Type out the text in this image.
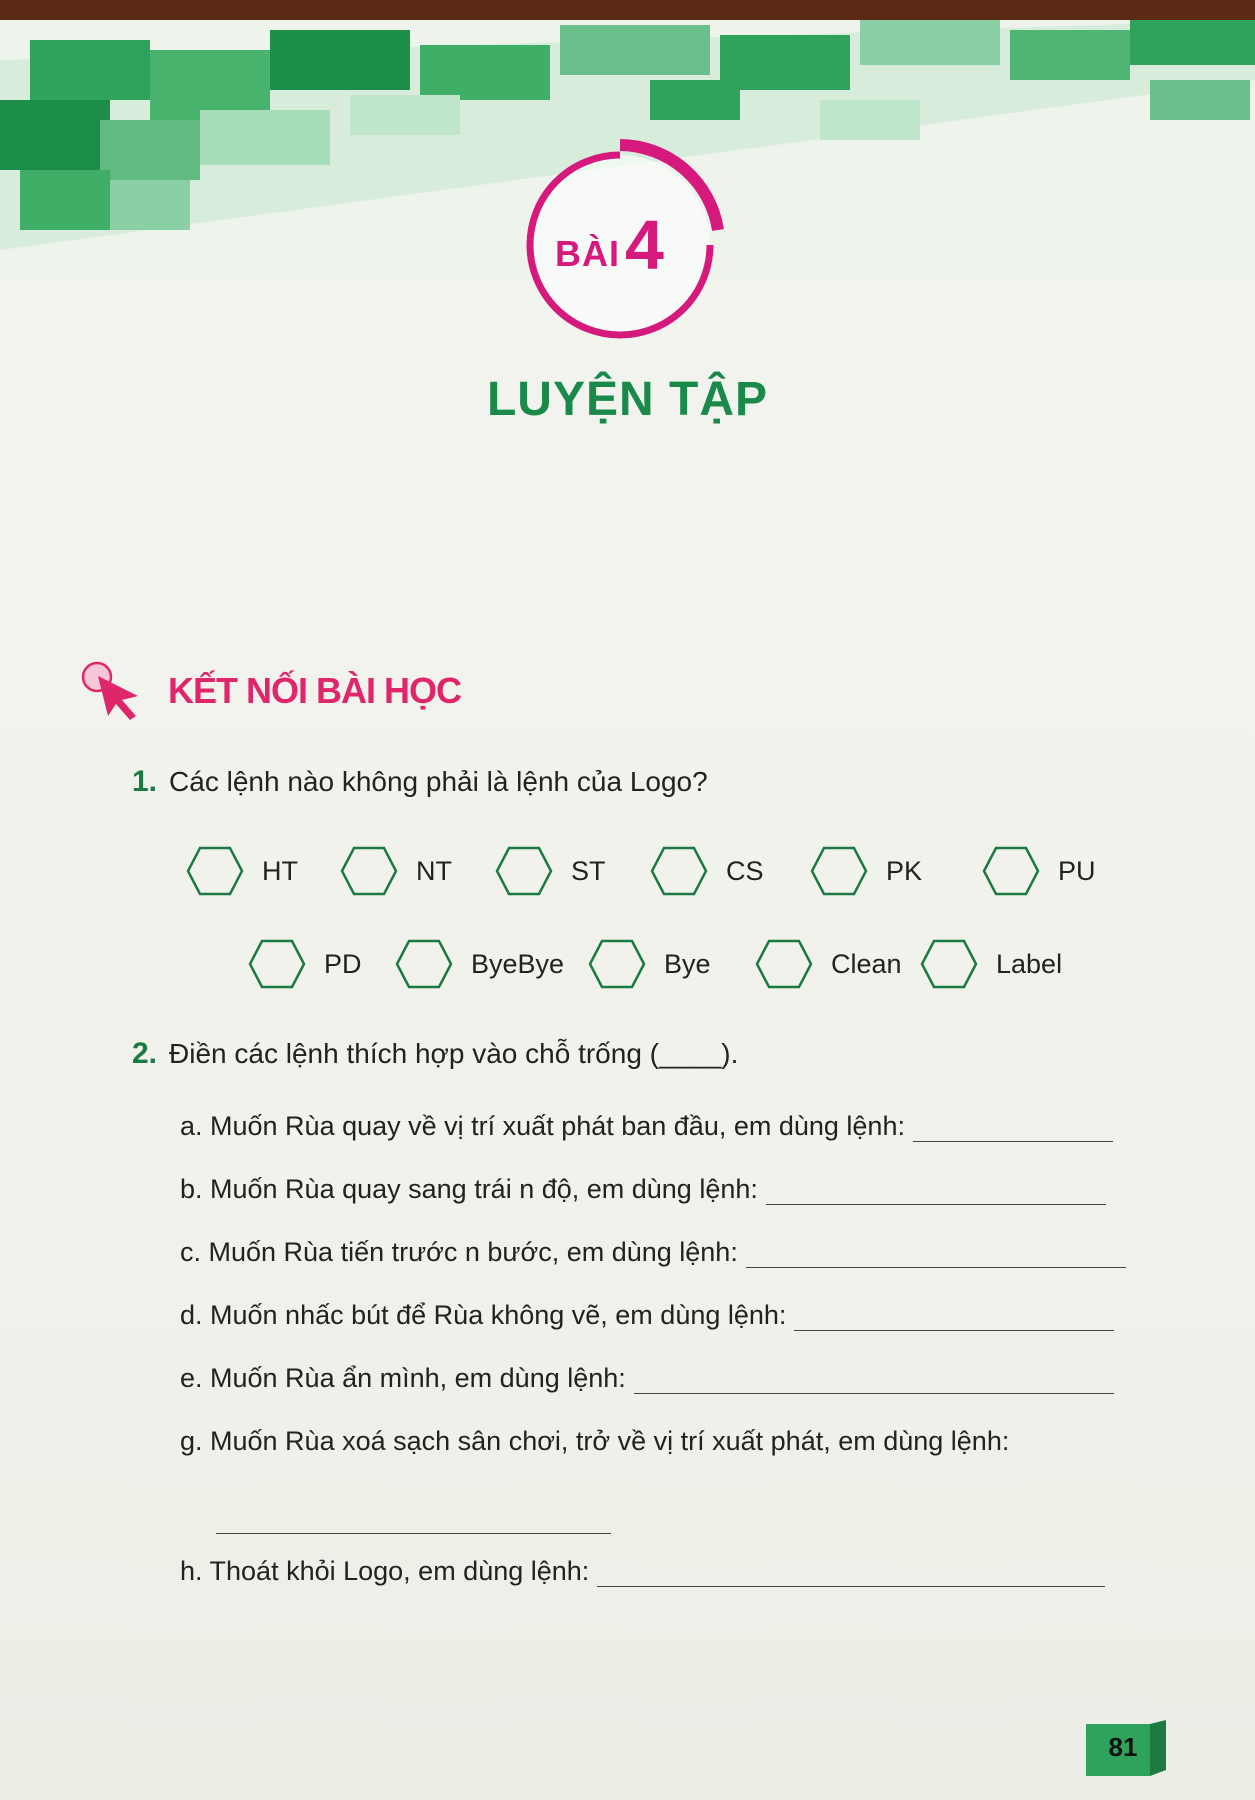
BÀI 4
LUYỆN TẬP
KẾT NỐI BÀI HỌC
1. Các lệnh nào không phải là lệnh của Logo?
HT	NT	ST	CS	PK	PU
PD	ByeBye	Bye	Clean	Label
2. Điền các lệnh thích hợp vào chỗ trống (____).
a. Muốn Rùa quay về vị trí xuất phát ban đầu, em dùng lệnh:
b. Muốn Rùa quay sang trái n độ, em dùng lệnh:
c. Muốn Rùa tiến trước n bước, em dùng lệnh:
d. Muốn nhấc bút để Rùa không vẽ, em dùng lệnh:
e. Muốn Rùa ẩn mình, em dùng lệnh:
g. Muốn Rùa xoá sạch sân chơi, trở về vị trí xuất phát, em dùng lệnh:
h. Thoát khỏi Logo, em dùng lệnh:
81
